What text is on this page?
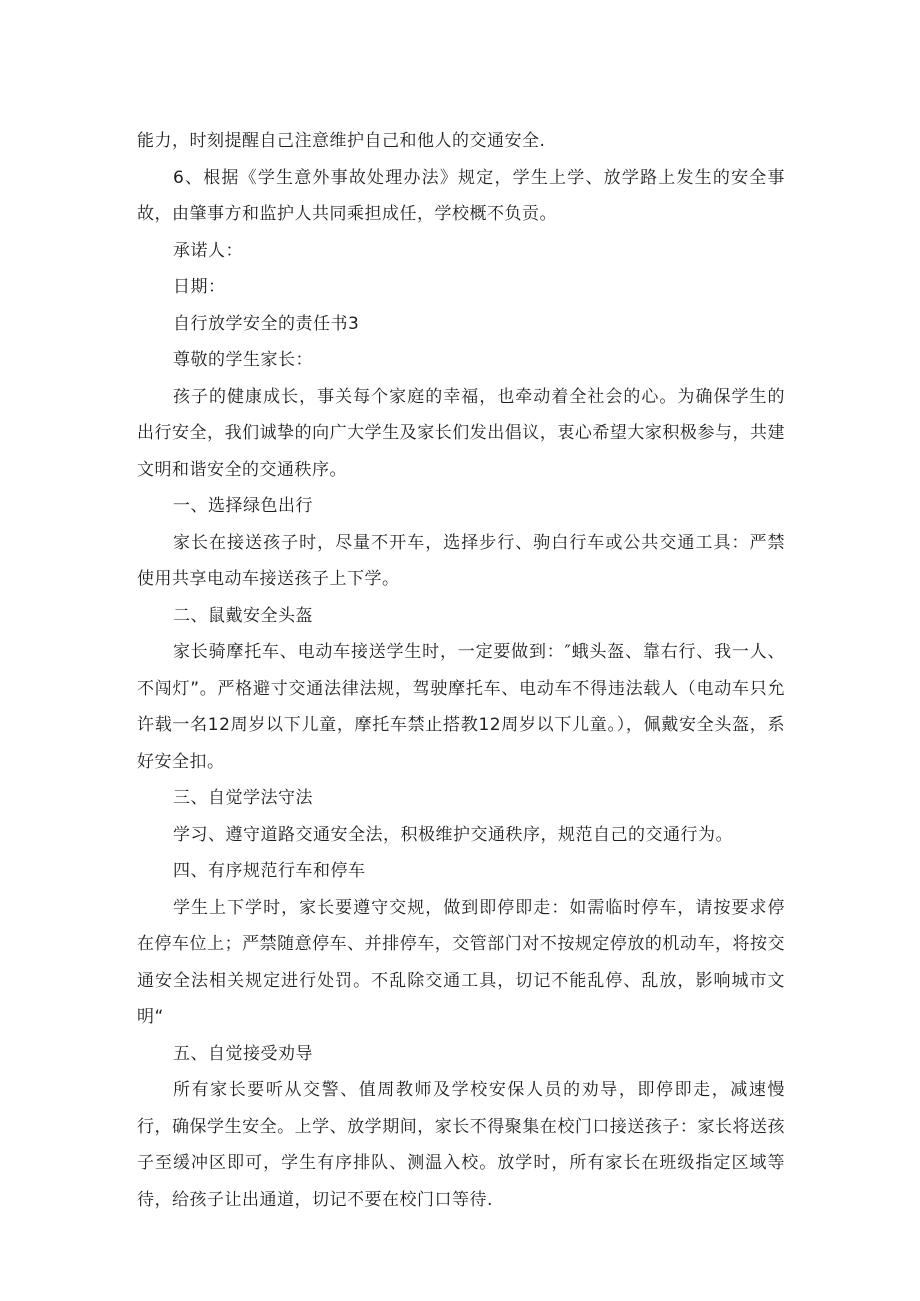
能力，时刻提醒自己注意维护自己和他人的交通安全.

6、根据《学生意外事故处理办法》规定，学生上学、放学路上发生的安全事故，由肇事方和监护人共同乘担成任，学校概不负贡。

承诺人：

日期：

自行放学安全的责任书3

尊敬的学生家长：

孩子的健康成长，事关每个家庭的幸福，也牵动着全社会的心。为确保学生的出行安全，我们诚挚的向广大学生及家长们发出倡议，衷心希望大家积极参与，共建文明和谐安全的交通秩序。

一、选择绿色出行

家长在接送孩子时，尽量不开车，选择步行、驹白行车或公共交通工具：严禁使用共享电动车接送孩子上下学。

二、鼠戴安全头盔

家长骑摩托车、电动车接送学生时，一定要做到：″蛾头盔、靠右行、我一人、不闯灯”。严格避寸交通法律法规，驾驶摩托车、电动车不得违法载人（电动车只允许载一名12周岁以下儿童，摩托车禁止搭教12周岁以下儿童。），佩戴安全头盔，系好安全扣。

三、自觉学法守法

学习、遵守道路交通安全法，积极维护交通秩序，规范自己的交通行为。

四、有序规范行车和停车

学生上下学时，家长要遵守交规，做到即停即走：如需临时停车，请按要求停在停车位上；严禁随意停车、并排停车，交管部门对不按规定停放的机动车，将按交通安全法相关规定进行处罚。不乱除交通工具，切记不能乱停、乱放，影响城市文明“

五、自觉接受劝导

所有家长要听从交警、值周教师及学校安保人员的劝导，即停即走，减速慢行，确保学生安全。上学、放学期间，家长不得聚集在校门口接送孩子：家长将送孩子至缓冲区即可，学生有序排队、测温入校。放学时，所有家长在班级指定区域等待，给孩子让出通道，切记不要在校门口等待.
